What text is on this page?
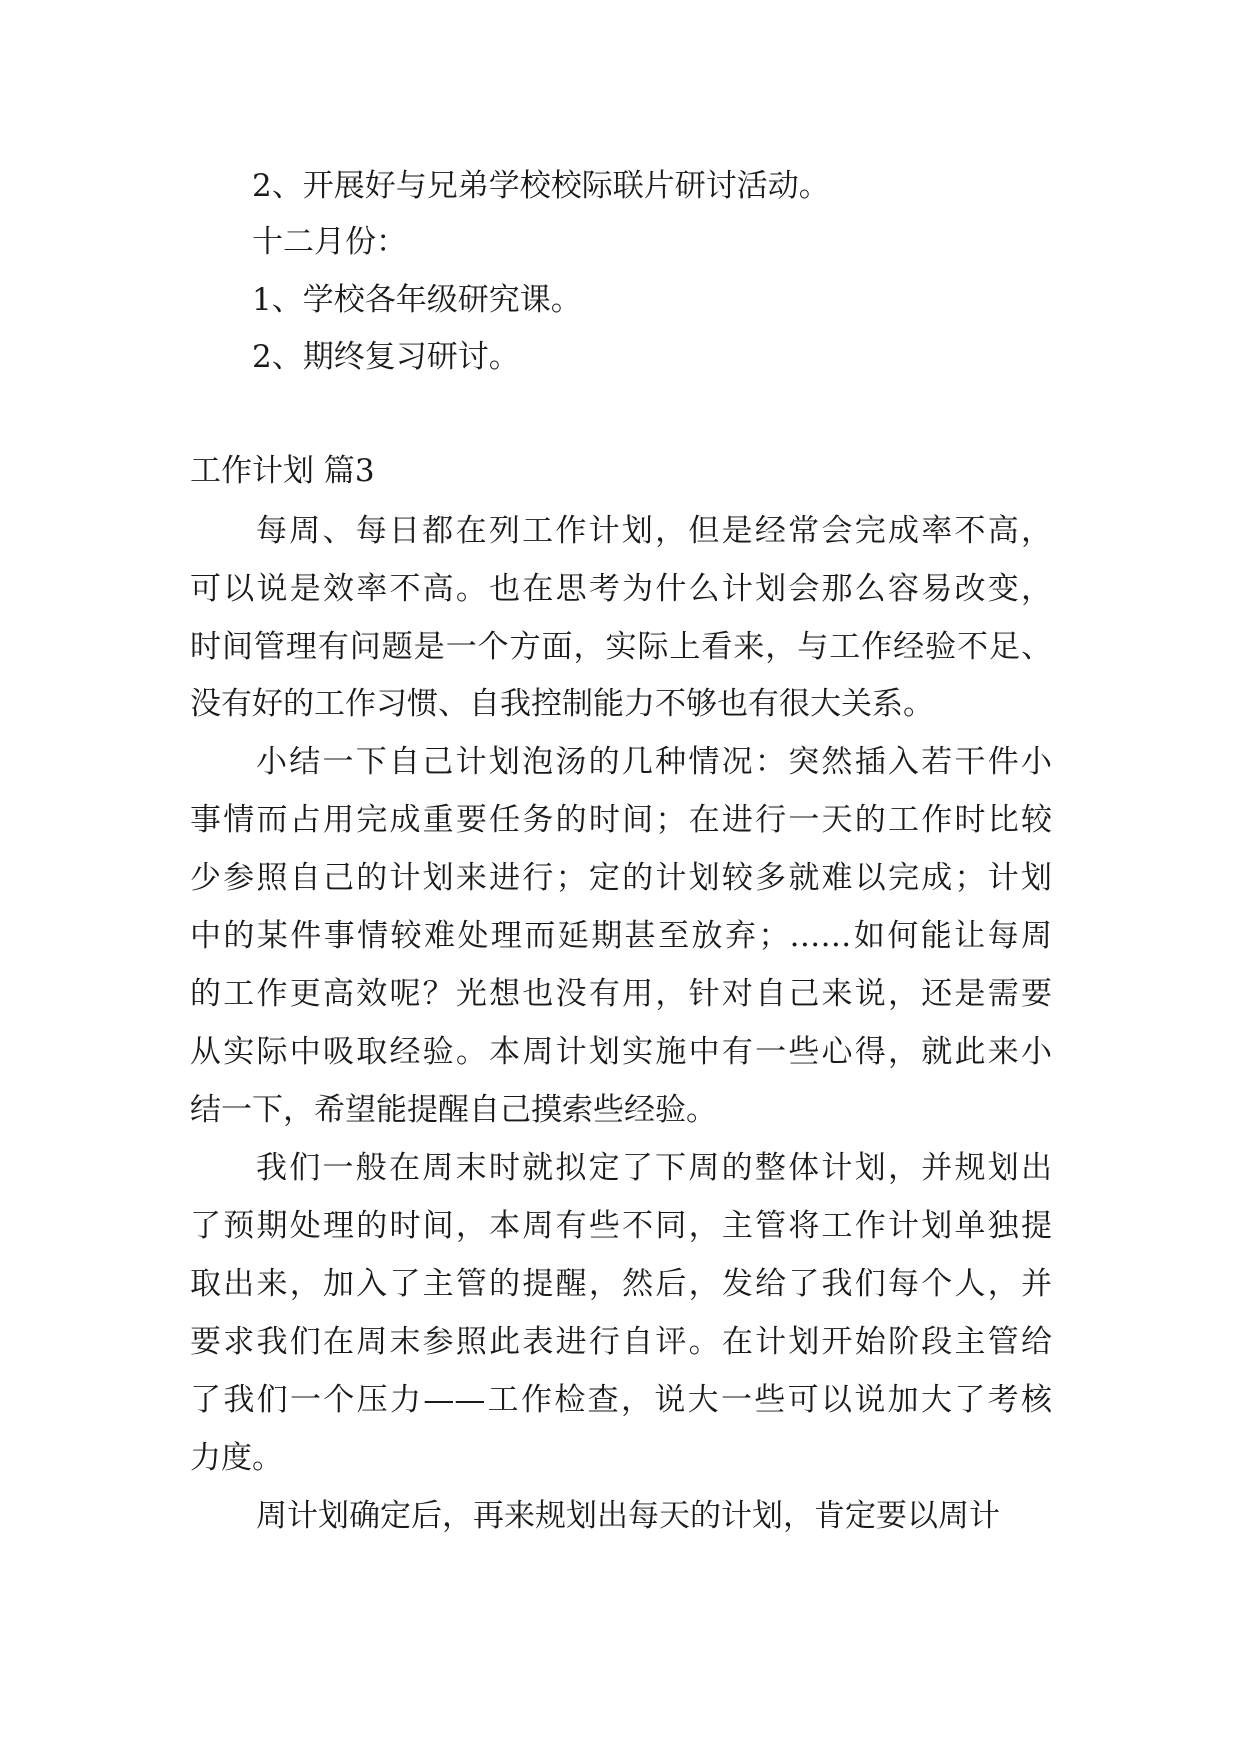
2、开展好与兄弟学校校际联片研讨活动。
十二月份：
1、学校各年级研究课。
2、期终复习研讨。
工作计划 篇3
每周、每日都在列工作计划，但是经常会完成率不高，
可以说是效率不高。也在思考为什么计划会那么容易改变，
时间管理有问题是一个方面，实际上看来，与工作经验不足、
没有好的工作习惯、自我控制能力不够也有很大关系。
小结一下自己计划泡汤的几种情况：突然插入若干件小
事情而占用完成重要任务的时间；在进行一天的工作时比较
少参照自己的计划来进行；定的计划较多就难以完成；计划
中的某件事情较难处理而延期甚至放弃；……如何能让每周
的工作更高效呢？光想也没有用，针对自己来说，还是需要
从实际中吸取经验。本周计划实施中有一些心得，就此来小
结一下，希望能提醒自己摸索些经验。
我们一般在周末时就拟定了下周的整体计划，并规划出
了预期处理的时间，本周有些不同，主管将工作计划单独提
取出来，加入了主管的提醒，然后，发给了我们每个人，并
要求我们在周末参照此表进行自评。在计划开始阶段主管给
了我们一个压力——工作检查，说大一些可以说加大了考核
力度。
周计划确定后，再来规划出每天的计划，肯定要以周计
